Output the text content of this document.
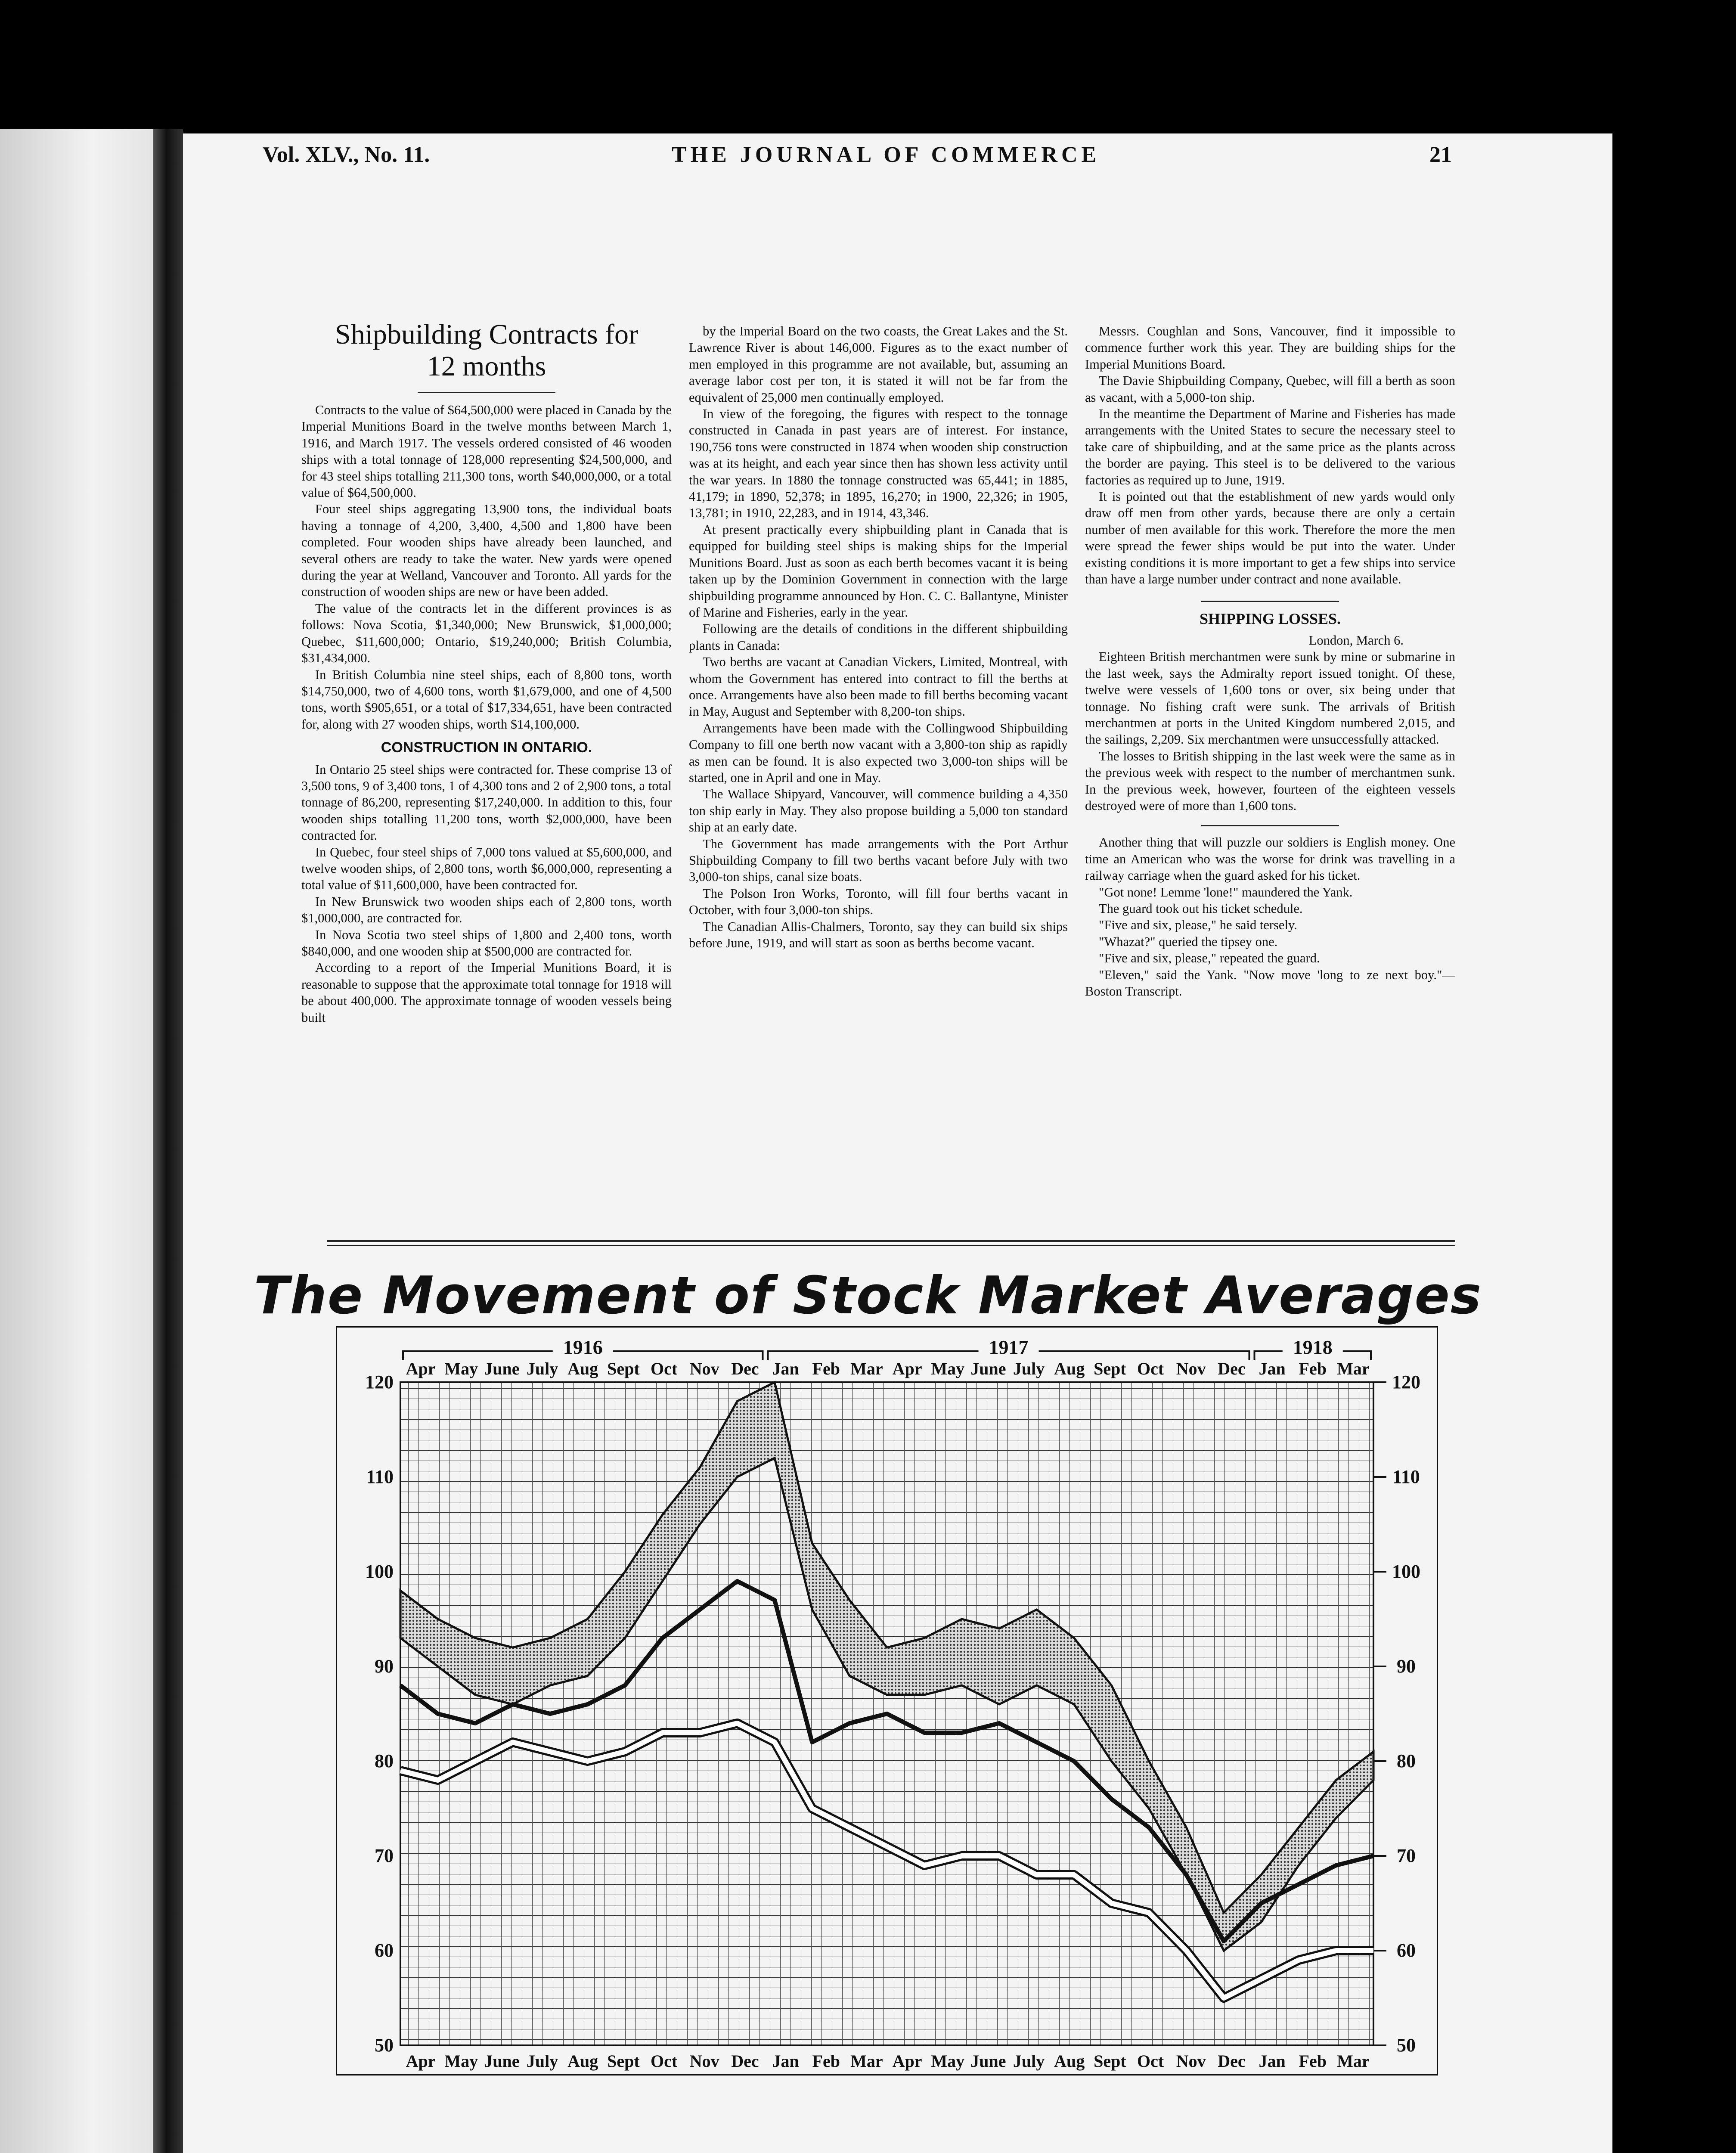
Vol. XLV., No. 11.	THE JOURNAL OF COMMERCE	21
Shipbuilding Contracts for
12 months

Contracts to the value of $64,500,000 were placed in Canada by the Imperial Munitions Board in the twelve months between March 1, 1916, and March 1917. The vessels ordered consisted of 46 wooden ships with a total tonnage of 128,000 representing $24,500,000, and for 43 steel ships totalling 211,300 tons, worth $40,000,000, or a total value of $64,500,000.

Four steel ships aggregating 13,900 tons, the individual boats having a tonnage of 4,200, 3,400, 4,500 and 1,800 have been completed. Four wooden ships have already been launched, and several others are ready to take the water. New yards were opened during the year at Welland, Vancouver and Toronto. All yards for the construction of wooden ships are new or have been added.

The value of the contracts let in the different provinces is as follows: Nova Scotia, $1,340,000; New Brunswick, $1,000,000; Quebec, $11,600,000; Ontario, $19,240,000; British Columbia, $31,434,000.

In British Columbia nine steel ships, each of 8,800 tons, worth $14,750,000, two of 4,600 tons, worth $1,679,000, and one of 4,500 tons, worth $905,651, or a total of $17,334,651, have been contracted for, along with 27 wooden ships, worth $14,100,000.

CONSTRUCTION IN ONTARIO.

In Ontario 25 steel ships were contracted for. These comprise 13 of 3,500 tons, 9 of 3,400 tons, 1 of 4,300 tons and 2 of 2,900 tons, a total tonnage of 86,200, representing $17,240,000. In addition to this, four wooden ships totalling 11,200 tons, worth $2,000,000, have been contracted for.

In Quebec, four steel ships of 7,000 tons valued at $5,600,000, and twelve wooden ships, of 2,800 tons, worth $6,000,000, representing a total value of $11,600,000, have been contracted for.

In New Brunswick two wooden ships each of 2,800 tons, worth $1,000,000, are contracted for.

In Nova Scotia two steel ships of 1,800 and 2,400 tons, worth $840,000, and one wooden ship at $500,000 are contracted for.

According to a report of the Imperial Munitions Board, it is reasonable to suppose that the approximate total tonnage for 1918 will be about 400,000. The approximate tonnage of wooden vessels being built

by the Imperial Board on the two coasts, the Great Lakes and the St. Lawrence River is about 146,000. Figures as to the exact number of men employed in this programme are not available, but, assuming an average labor cost per ton, it is stated it will not be far from the equivalent of 25,000 men continually employed.

In view of the foregoing, the figures with respect to the tonnage constructed in Canada in past years are of interest. For instance, 190,756 tons were constructed in 1874 when wooden ship construction was at its height, and each year since then has shown less activity until the war years. In 1880 the tonnage constructed was 65,441; in 1885, 41,179; in 1890, 52,378; in 1895, 16,270; in 1900, 22,326; in 1905, 13,781; in 1910, 22,283, and in 1914, 43,346.

At present practically every shipbuilding plant in Canada that is equipped for building steel ships is making ships for the Imperial Munitions Board. Just as soon as each berth becomes vacant it is being taken up by the Dominion Government in connection with the large shipbuilding programme announced by Hon. C. C. Ballantyne, Minister of Marine and Fisheries, early in the year.

Following are the details of conditions in the different shipbuilding plants in Canada:

Two berths are vacant at Canadian Vickers, Limited, Montreal, with whom the Government has entered into contract to fill the berths at once. Arrangements have also been made to fill berths becoming vacant in May, August and September with 8,200-ton ships.

Arrangements have been made with the Collingwood Shipbuilding Company to fill one berth now vacant with a 3,800-ton ship as rapidly as men can be found. It is also expected two 3,000-ton ships will be started, one in April and one in May.

The Wallace Shipyard, Vancouver, will commence building a 4,350 ton ship early in May. They also propose building a 5,000 ton standard ship at an early date.

The Government has made arrangements with the Port Arthur Shipbuilding Company to fill two berths vacant before July with two 3,000-ton ships, canal size boats.

The Polson Iron Works, Toronto, will fill four berths vacant in October, with four 3,000-ton ships.

The Canadian Allis-Chalmers, Toronto, say they can build six ships before June, 1919, and will start as soon as berths become vacant.

Messrs. Coughlan and Sons, Vancouver, find it impossible to commence further work this year. They are building ships for the Imperial Munitions Board.

The Davie Shipbuilding Company, Quebec, will fill a berth as soon as vacant, with a 5,000-ton ship.

In the meantime the Department of Marine and Fisheries has made arrangements with the United States to secure the necessary steel to take care of shipbuilding, and at the same price as the plants across the border are paying. This steel is to be delivered to the various factories as required up to June, 1919.

It is pointed out that the establishment of new yards would only draw off men from other yards, because there are only a certain number of men available for this work. Therefore the more the men were spread the fewer ships would be put into the water. Under existing conditions it is more important to get a few ships into service than have a large number under contract and none available.

SHIPPING LOSSES.
London, March 6.

Eighteen British merchantmen were sunk by mine or submarine in the last week, says the Admiralty report issued tonight. Of these, twelve were vessels of 1,600 tons or over, six being under that tonnage. No fishing craft were sunk. The arrivals of British merchantmen at ports in the United Kingdom numbered 2,015, and the sailings, 2,209. Six merchantmen were unsuccessfully attacked.

The losses to British shipping in the last week were the same as in the previous week with respect to the number of merchantmen sunk. In the previous week, however, fourteen of the eighteen vessels destroyed were of more than 1,600 tons.

Another thing that will puzzle our soldiers is English money. One time an American who was the worse for drink was travelling in a railway carriage when the guard asked for his ticket.

"Got none! Lemme 'lone!" maundered the Yank.

The guard took out his ticket schedule.

"Five and six, please," he said tersely.

"Whazat?" queried the tipsey one.

"Five and six, please," repeated the guard.

"Eleven," said the Yank. "Now move 'long to ze next boy."—Boston Transcript.

The Movement of Stock Market Averages
50	50
60	60
70	70
80	80
90	90
100	100
110	110
120	120
Apr May June July Aug Sept Oct Nov Dec Jan Feb Mar Apr May June July Aug Sept Oct Nov Dec Jan Feb Mar
Apr May June July Aug Sept Oct Nov Dec Jan Feb Mar Apr May June July Aug Sept Oct Nov Dec Jan Feb Mar
1916	1917	1918
